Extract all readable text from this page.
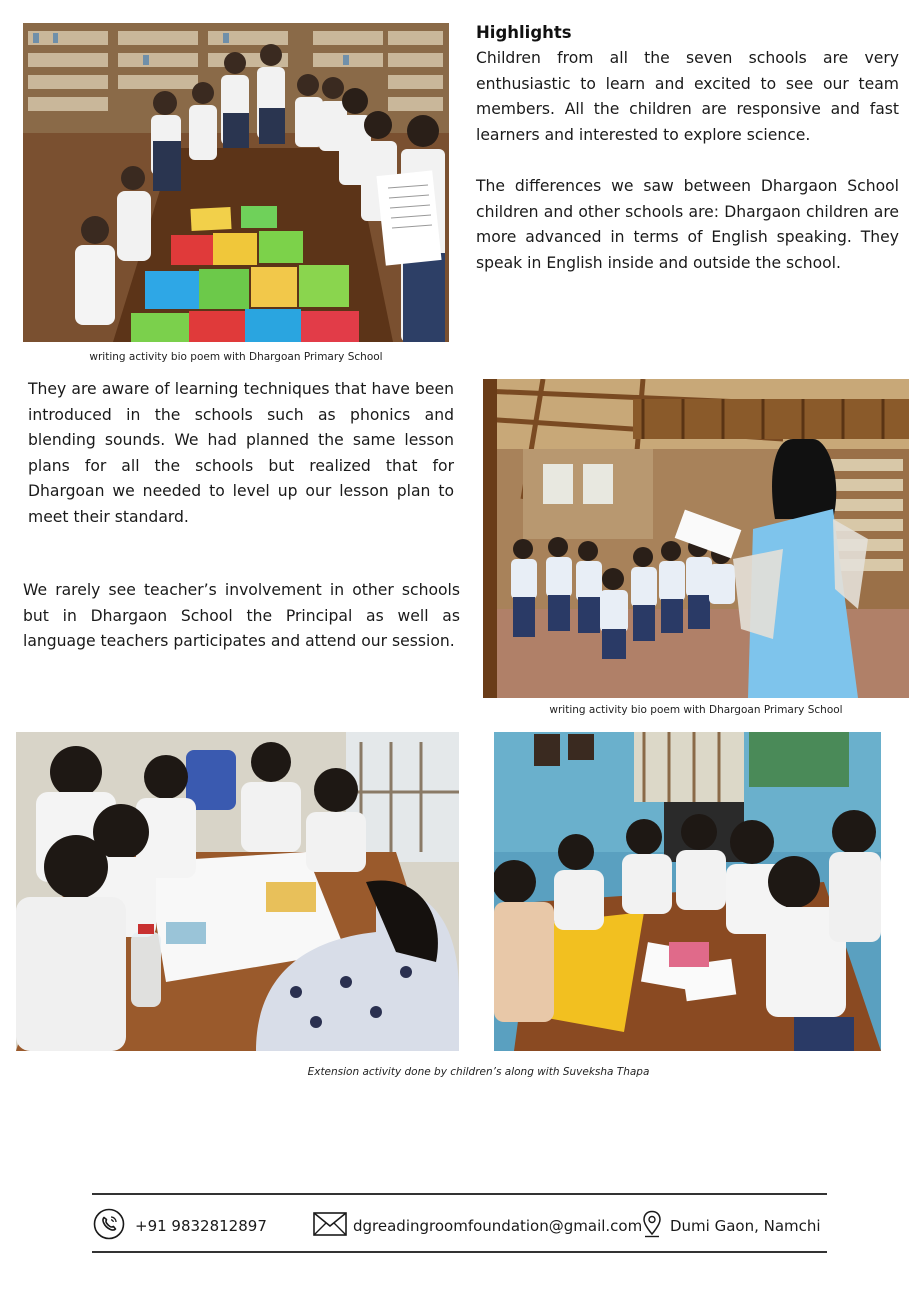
writing activity bio poem with Dhargoan Primary School
Highlights

Children from all the seven schools are very enthusiastic to learn and excited to see our team members. All the children are responsive and fast learners and interested to explore science.

The differences we saw between Dhargaon School children and other schools are: Dhargaon children are more advanced in terms of English speaking. They speak in English inside and outside the school.

They are aware of learning techniques that have been introduced in the schools such as phonics and blending sounds. We had planned the same lesson plans for all the schools but realized that for Dhargoan we needed to level up our lesson plan to meet their standard.

We rarely see teacher’s involvement in other schools but in Dhargaon School the Principal as well as language teachers participates and attend our session.

writing activity bio poem with Dhargoan Primary School
Extension activity done by children’s along with Suveksha Thapa
+91 9832812897	dgreadingroomfoundation@gmail.com Dumi Gaon, Namchi
